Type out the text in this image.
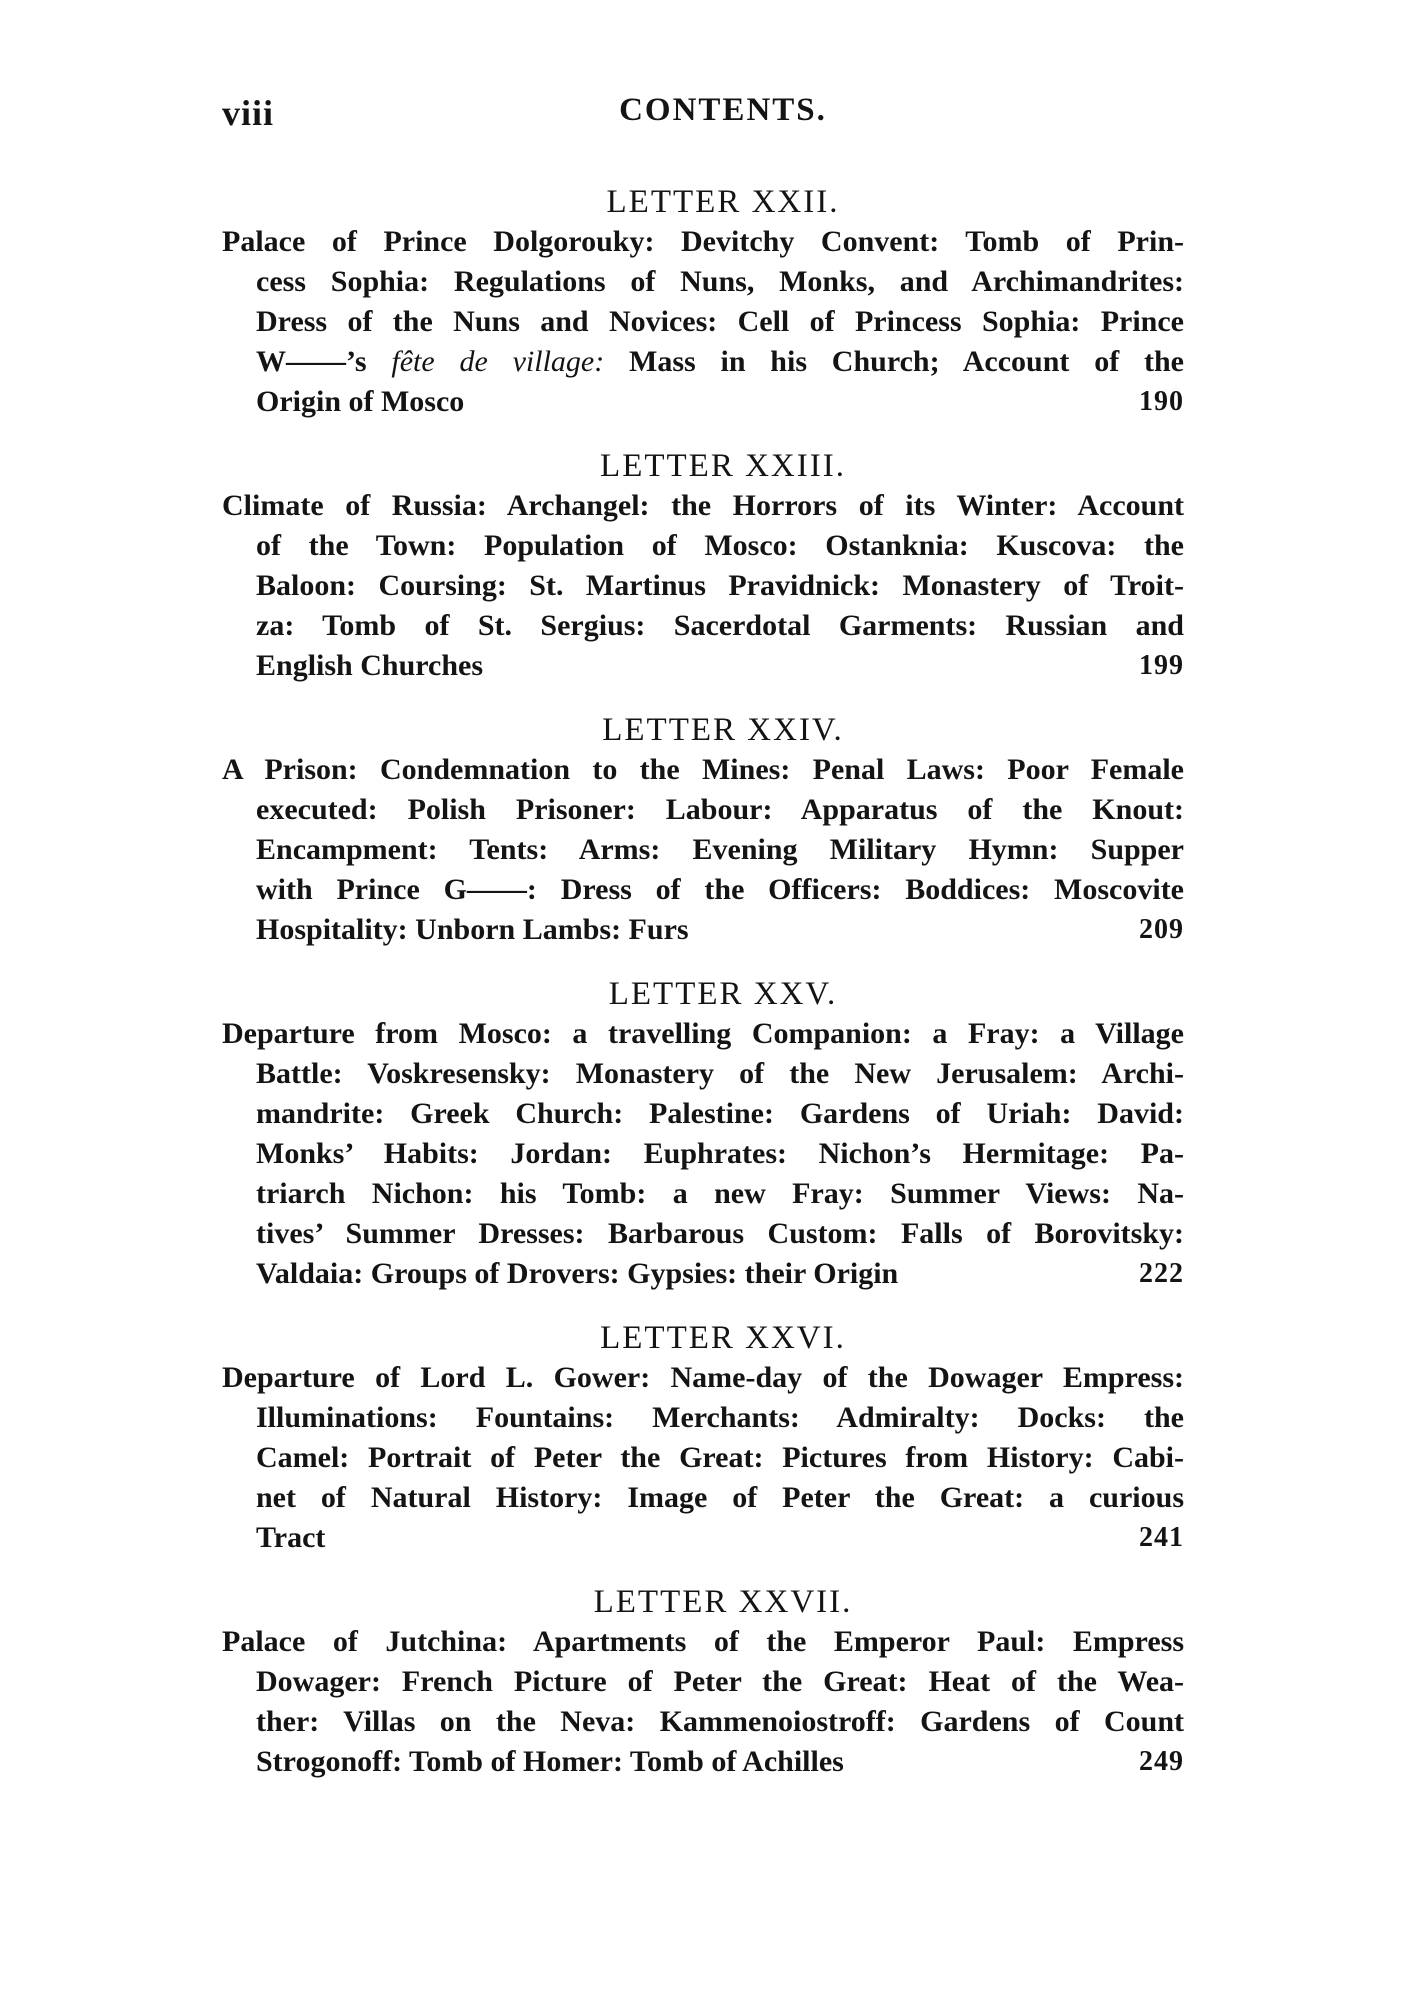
viii	CONTENTS.
LETTER XXII.
Palace of Prince Dolgorouky: Devitchy Convent: Tomb of Prin-
cess Sophia: Regulations of Nuns, Monks, and Archimandrites:
Dress of the Nuns and Novices: Cell of Princess Sophia: Prince
W——’s fête de village: Mass in his Church; Account of the
Origin of Mosco	190
LETTER XXIII.
Climate of Russia: Archangel: the Horrors of its Winter: Account
of the Town: Population of Mosco: Ostanknia: Kuscova: the
Baloon: Coursing: St. Martinus Pravidnick: Monastery of Troit-
za: Tomb of St. Sergius: Sacerdotal Garments: Russian and
English Churches	199
LETTER XXIV.
A Prison: Condemnation to the Mines: Penal Laws: Poor Female
executed: Polish Prisoner: Labour: Apparatus of the Knout:
Encampment: Tents: Arms: Evening Military Hymn: Supper
with Prince G——: Dress of the Officers: Boddices: Moscovite
Hospitality: Unborn Lambs: Furs	209
LETTER XXV.
Departure from Mosco: a travelling Companion: a Fray: a Village
Battle: Voskresensky: Monastery of the New Jerusalem: Archi-
mandrite: Greek Church: Palestine: Gardens of Uriah: David:
Monks’ Habits: Jordan: Euphrates: Nichon’s Hermitage: Pa-
triarch Nichon: his Tomb: a new Fray: Summer Views: Na-
tives’ Summer Dresses: Barbarous Custom: Falls of Borovitsky:
Valdaia: Groups of Drovers: Gypsies: their Origin	222
LETTER XXVI.
Departure of Lord L. Gower: Name-day of the Dowager Empress:
Illuminations: Fountains: Merchants: Admiralty: Docks: the
Camel: Portrait of Peter the Great: Pictures from History: Cabi-
net of Natural History: Image of Peter the Great: a curious
Tract	241
LETTER XXVII.
Palace of Jutchina: Apartments of the Emperor Paul: Empress
Dowager: French Picture of Peter the Great: Heat of the Wea-
ther: Villas on the Neva: Kammenoiostroff: Gardens of Count
Strogonoff: Tomb of Homer: Tomb of Achilles	249
